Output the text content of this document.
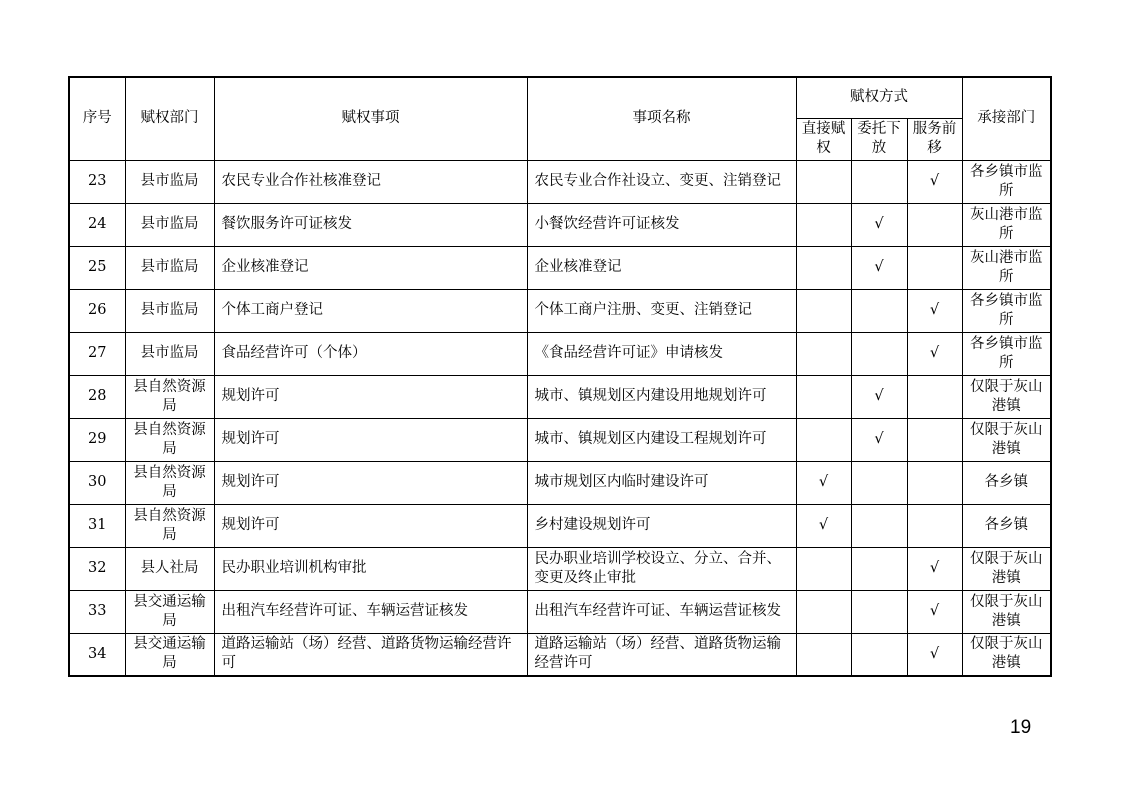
序号	赋权部门	赋权事项	事项名称	赋权方式			承接部门
				直接赋权	委托下放	服务前移	
23	县市监局	农民专业合作社核准登记	农民专业合作社设立、变更、注销登记			√	各乡镇市监所
24	县市监局	餐饮服务许可证核发	小餐饮经营许可证核发		√		灰山港市监所
25	县市监局	企业核准登记	企业核准登记		√		灰山港市监所
26	县市监局	个体工商户登记	个体工商户注册、变更、注销登记			√	各乡镇市监所
27	县市监局	食品经营许可（个体）	《食品经营许可证》申请核发			√	各乡镇市监所
28	县自然资源局	规划许可	城市、镇规划区内建设用地规划许可		√		仅限于灰山港镇
29	县自然资源局	规划许可	城市、镇规划区内建设工程规划许可		√		仅限于灰山港镇
30	县自然资源局	规划许可	城市规划区内临时建设许可	√			各乡镇
31	县自然资源局	规划许可	乡村建设规划许可	√			各乡镇
32	县人社局	民办职业培训机构审批	民办职业培训学校设立、分立、合并、变更及终止审批			√	仅限于灰山港镇
33	县交通运输局	出租汽车经营许可证、车辆运营证核发	出租汽车经营许可证、车辆运营证核发			√	仅限于灰山港镇
34	县交通运输局	道路运输站（场）经营、道路货物运输经营许可	道路运输站（场）经营、道路货物运输经营许可			√	仅限于灰山港镇
19
